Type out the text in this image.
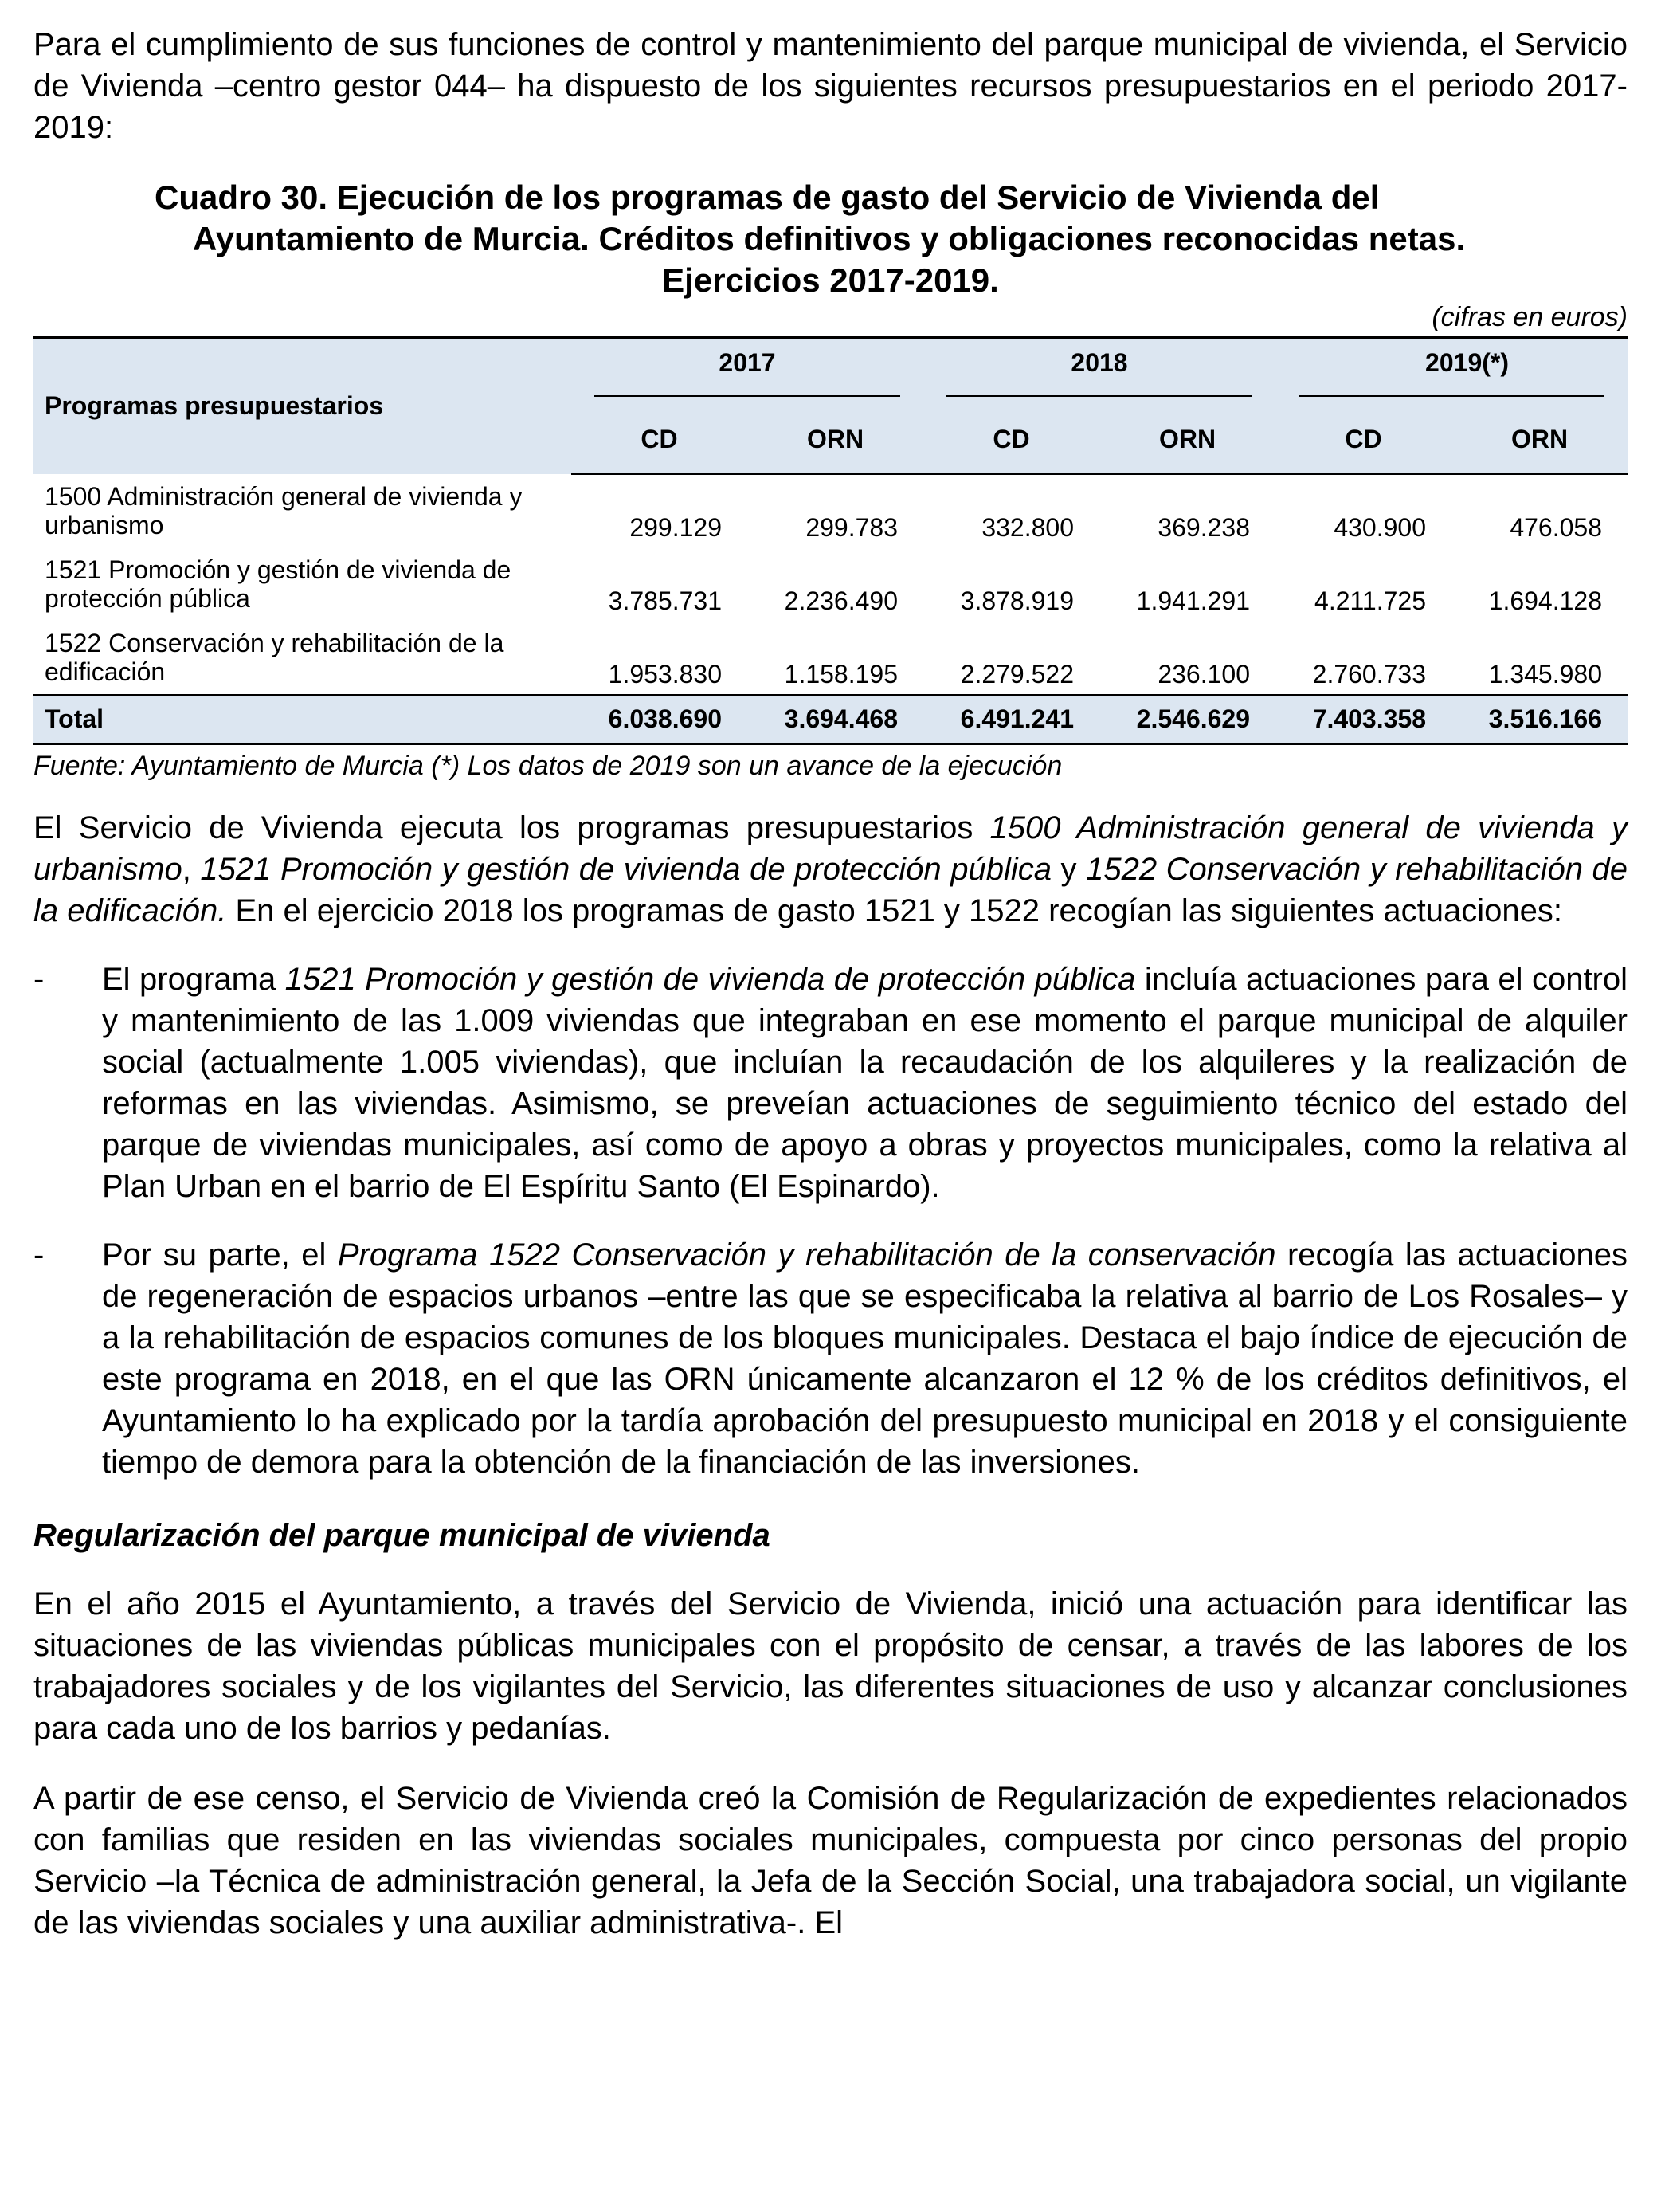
Para el cumplimiento de sus funciones de control y mantenimiento del parque municipal de vivienda, el Servicio de Vivienda –centro gestor 044– ha dispuesto de los siguientes recursos presupuestarios en el periodo 2017-2019:

Cuadro 30. Ejecución de los programas de gasto del Servicio de Vivienda del
Ayuntamiento de Murcia. Créditos definitivos y obligaciones reconocidas netas.
Ejercicios 2017-2019.

(cifras en euros)

Programas presupuestarios	2017		2018		2019(*)	

	CD	ORN	CD	ORN	CD	ORN
1500 Administración general de vivienda y urbanismo	299.129	299.783	332.800	369.238	430.900	476.058
1521 Promoción y gestión de vivienda de protección pública	3.785.731	2.236.490	3.878.919	1.941.291	4.211.725	1.694.128
1522 Conservación y rehabilitación de la edificación	1.953.830	1.158.195	2.279.522	236.100	2.760.733	1.345.980
Total	6.038.690	3.694.468	6.491.241	2.546.629	7.403.358	3.516.166

Fuente: Ayuntamiento de Murcia (*) Los datos de 2019 son un avance de la ejecución

El Servicio de Vivienda ejecuta los programas presupuestarios 1500 Administración general de vivienda y urbanismo, 1521 Promoción y gestión de vivienda de protección pública y 1522 Conservación y rehabilitación de la edificación. En el ejercicio 2018 los programas de gasto 1521 y 1522 recogían las siguientes actuaciones:

-	El programa 1521 Promoción y gestión de vivienda de protección pública incluía actuaciones para el control y mantenimiento de las 1.009 viviendas que integraban en ese momento el parque municipal de alquiler social (actualmente 1.005 viviendas), que incluían la recaudación de los alquileres y la realización de reformas en las viviendas. Asimismo, se preveían actuaciones de seguimiento técnico del estado del parque de viviendas municipales, así como de apoyo a obras y proyectos municipales, como la relativa al Plan Urban en el barrio de El Espíritu Santo (El Espinardo).

-	Por su parte, el Programa 1522 Conservación y rehabilitación de la conservación recogía las actuaciones de regeneración de espacios urbanos –entre las que se especificaba la relativa al barrio de Los Rosales– y a la rehabilitación de espacios comunes de los bloques municipales. Destaca el bajo índice de ejecución de este programa en 2018, en el que las ORN únicamente alcanzaron el 12 % de los créditos definitivos, el Ayuntamiento lo ha explicado por la tardía aprobación del presupuesto municipal en 2018 y el consiguiente tiempo de demora para la obtención de la financiación de las inversiones.

Regularización del parque municipal de vivienda

En el año 2015 el Ayuntamiento, a través del Servicio de Vivienda, inició una actuación para identificar las situaciones de las viviendas públicas municipales con el propósito de censar, a través de las labores de los trabajadores sociales y de los vigilantes del Servicio, las diferentes situaciones de uso y alcanzar conclusiones para cada uno de los barrios y pedanías.

A partir de ese censo, el Servicio de Vivienda creó la Comisión de Regularización de expedientes relacionados con familias que residen en las viviendas sociales municipales, compuesta por cinco personas del propio Servicio –la Técnica de administración general, la Jefa de la Sección Social, una trabajadora social, un vigilante de las viviendas sociales y una auxiliar administrativa-. El
